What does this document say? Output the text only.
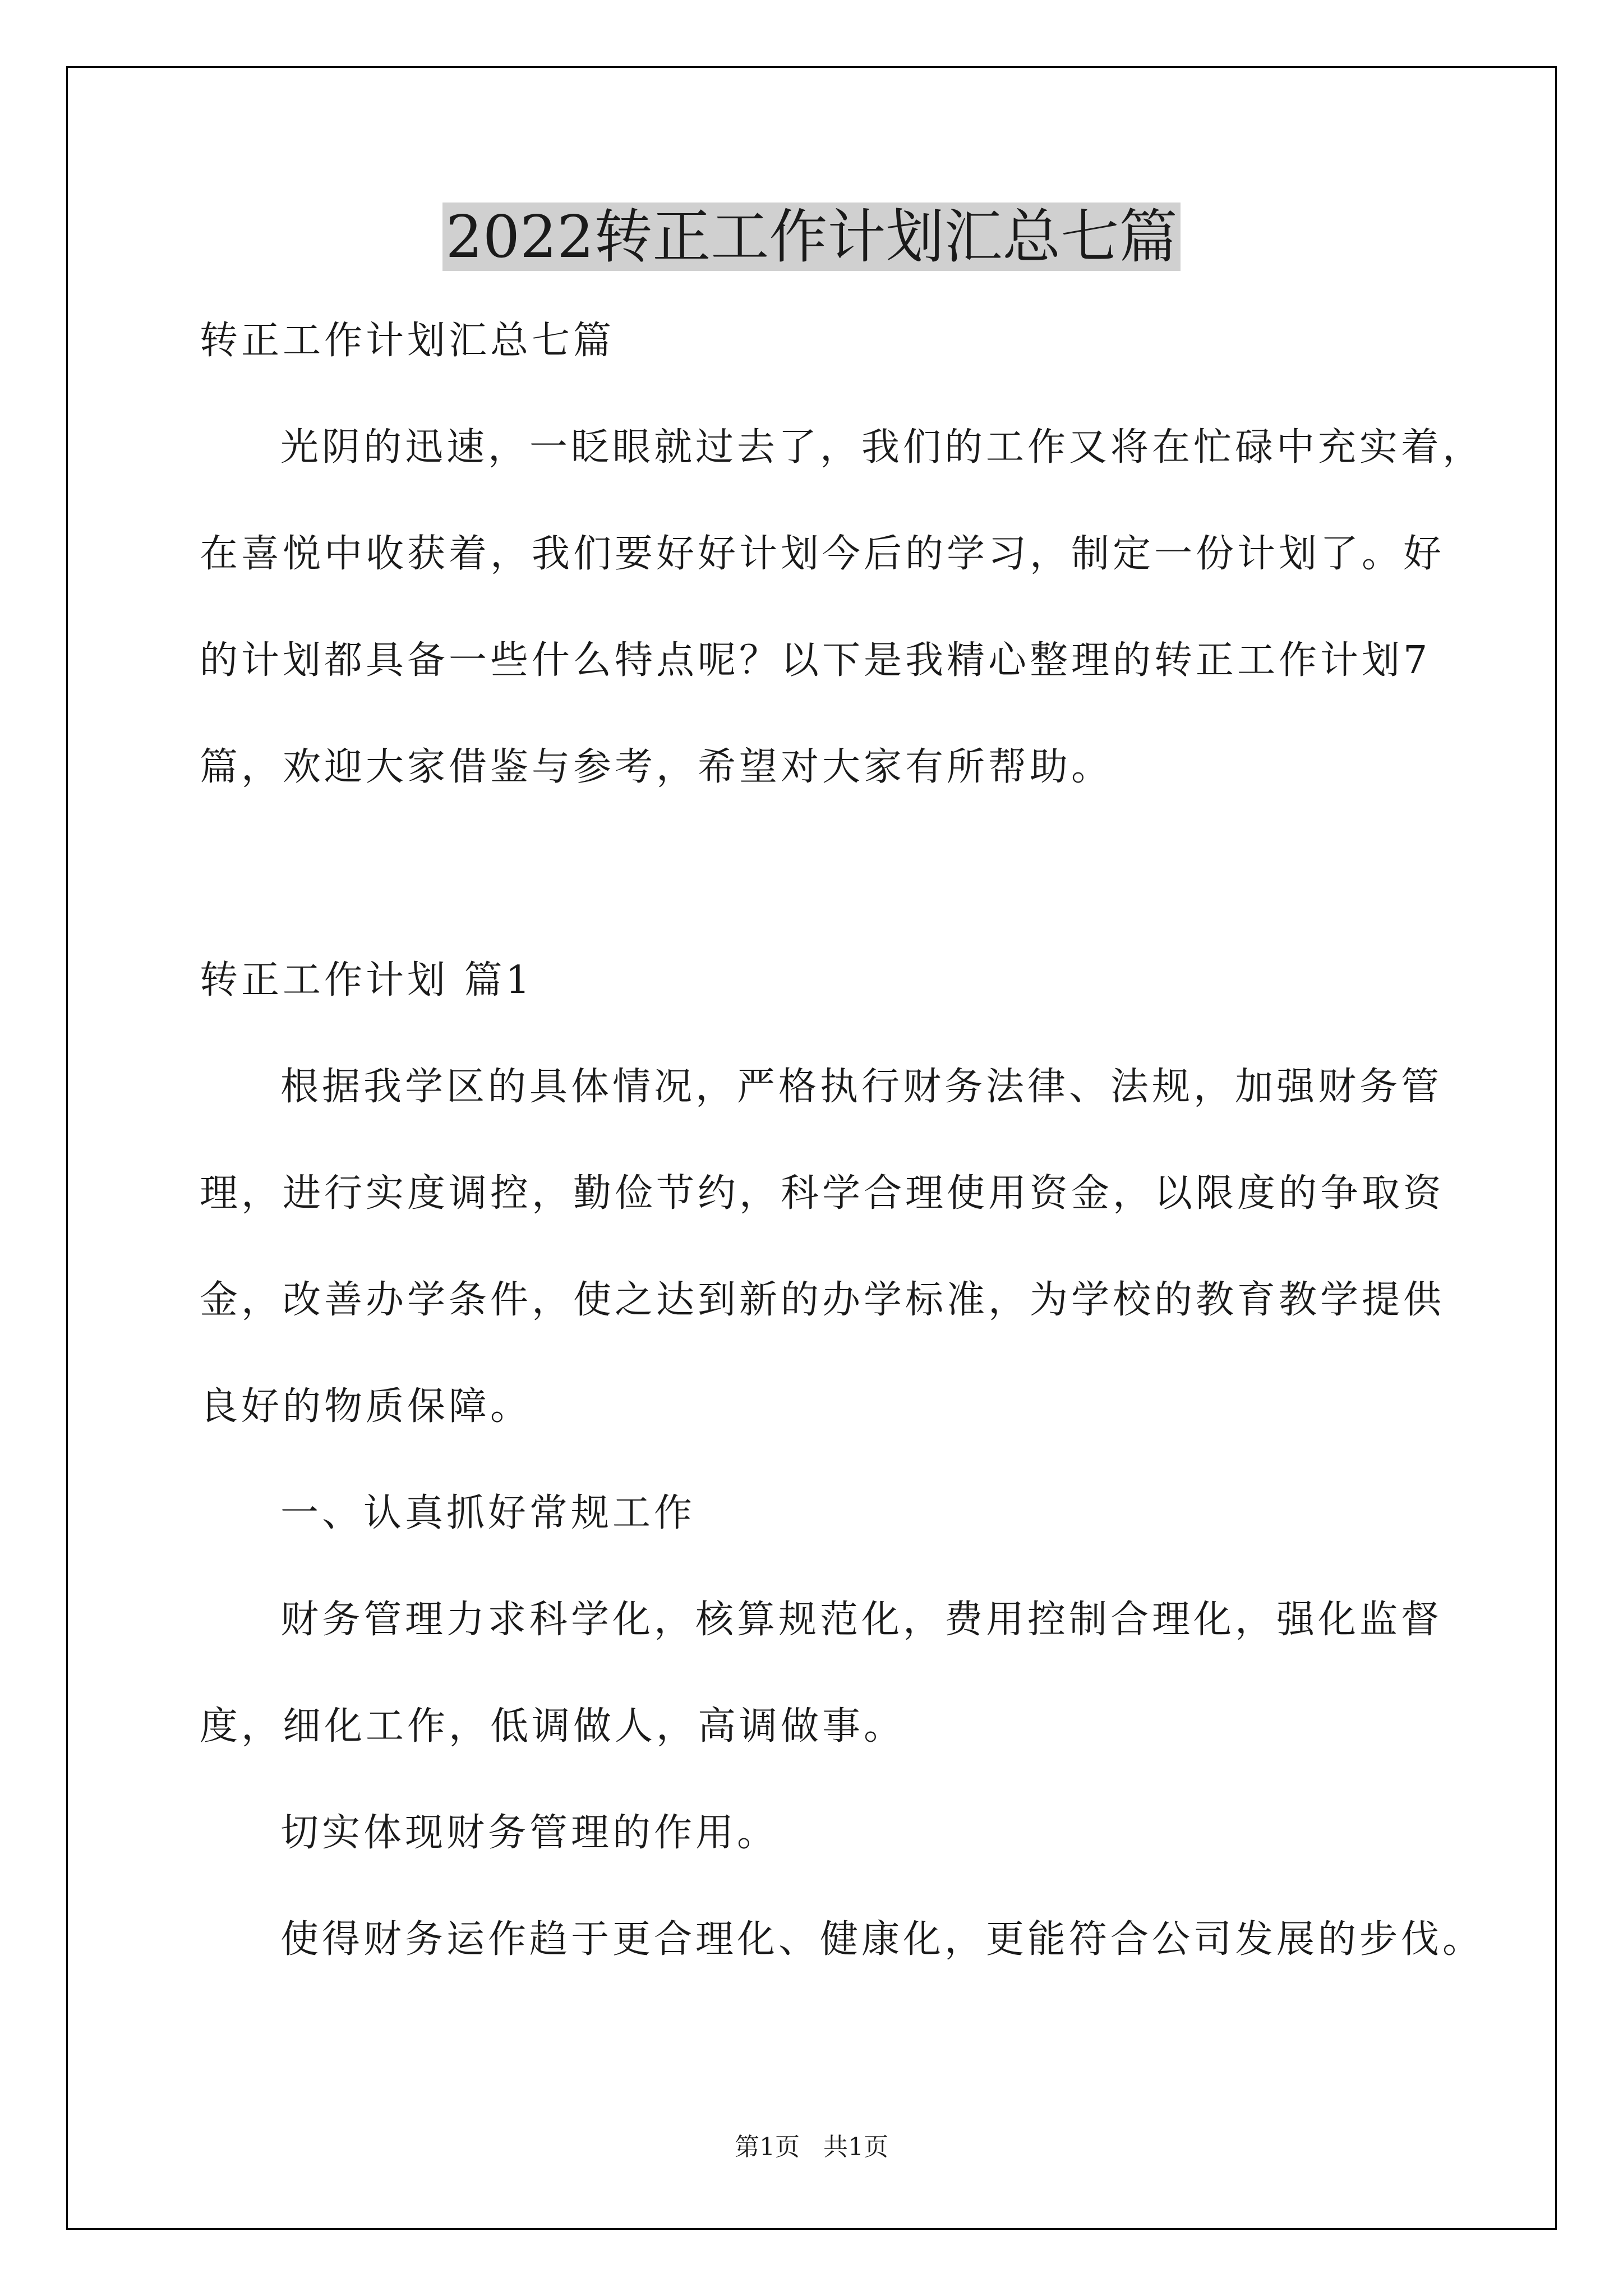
2022转正工作计划汇总七篇

转正工作计划汇总七篇

光阴的迅速，一眨眼就过去了，我们的工作又将在忙碌中充实着，

在喜悦中收获着，我们要好好计划今后的学习，制定一份计划了。好

的计划都具备一些什么特点呢？以下是我精心整理的转正工作计划7

篇，欢迎大家借鉴与参考，希望对大家有所帮助。

转正工作计划 篇1

根据我学区的具体情况，严格执行财务法律、法规，加强财务管

理，进行实度调控，勤俭节约，科学合理使用资金，以限度的争取资

金，改善办学条件，使之达到新的办学标准，为学校的教育教学提供

良好的物质保障。

一、认真抓好常规工作

财务管理力求科学化，核算规范化，费用控制合理化，强化监督

度，细化工作，低调做人，高调做事。

切实体现财务管理的作用。

使得财务运作趋于更合理化、健康化，更能符合公司发展的步伐。

第1页 共1页
